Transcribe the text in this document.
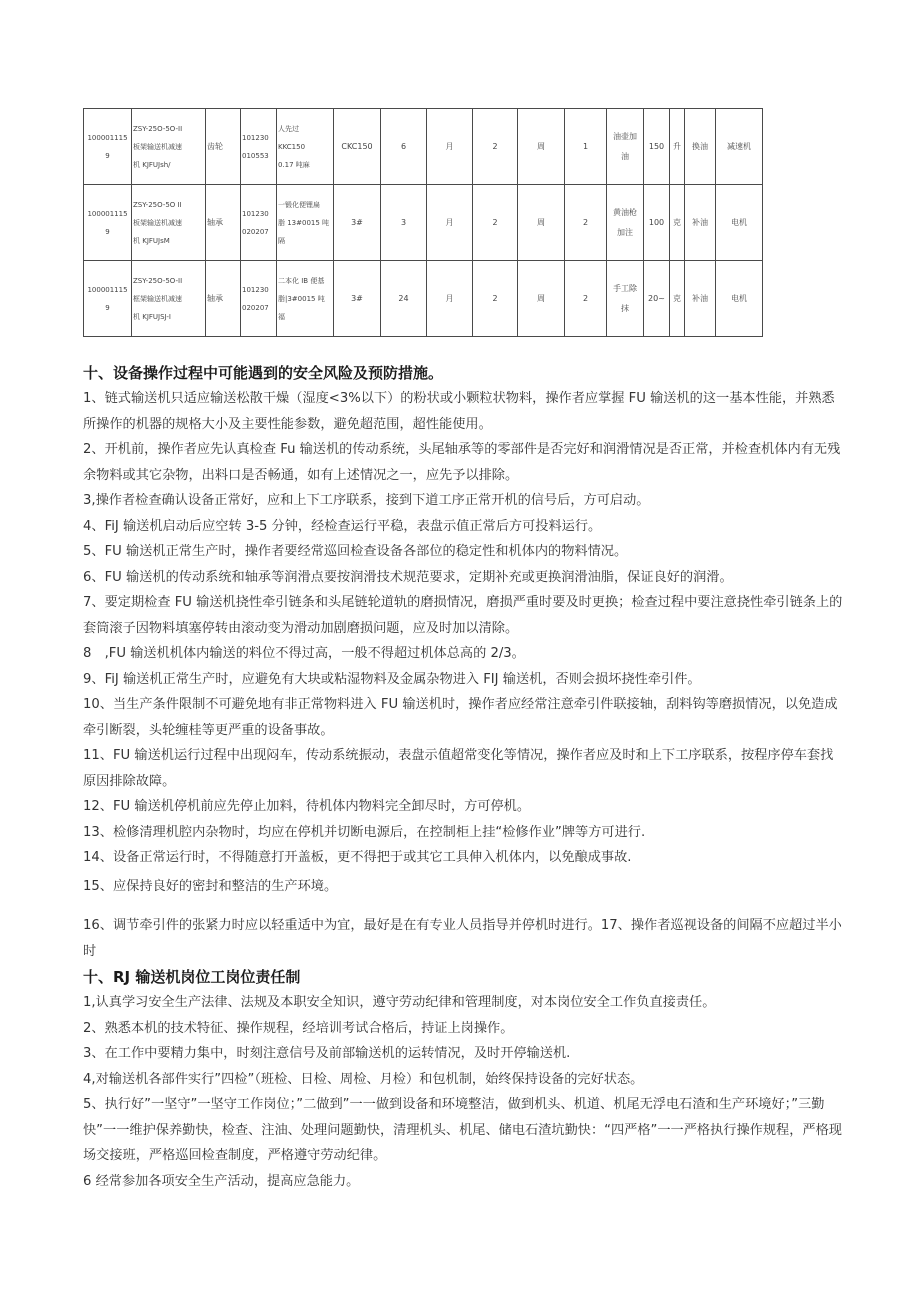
100001115
9	ZSY-25O-5O-II
板架输送机减速
机 KJFUJsh/	齿轮	101230
010553	人先过
KKC150
0.17 吨麻	CKC150	6	月	2	周	1	油壶加
油	150	升	换油	减速机

100001115
9	ZSY-25O-5O II
板架输送机减速
机 KJFUJsM	轴承	101230
020207	一锻化便锂扁
脂 13#0015 吨
隔	3#	3	月	2	周	2	黄油枪
加注	100	克	补油	电机

100001115
9	ZSY-25O-5O-II
框架输送机减速
机 KJFUJSJ-I	轴承	101230
020207	二本化 IB 便基
脂|3#0015 吨
福	3#	24	月	2	周	2	手工除
抹	20~	克	补油	电机
十、设备操作过程中可能遇到的安全风险及预防措施。

1、链式输送机只适应输送松散干燥（湿度<3%以下）的粉状或小颗粒状物料，操作者应掌握 FU 输送机的这一基本性能，并熟悉所操作的机器的规格大小及主要性能参数，避免超范围，超性能使用。

2、开机前，操作者应先认真检查 Fu 输送机的传动系统，头尾轴承等的零部件是否完好和润滑情况是否正常，并检查机体内有无残余物料或其它杂物，出料口是否畅通，如有上述情况之一，应先予以排除。

3,操作者检查确认设备正常好，应和上下工序联系，接到下道工序正常开机的信号后，方可启动。

4、FiJ 输送机启动后应空转 3-5 分钟，经检查运行平稳，表盘示值正常后方可投料运行。

5、FU 输送机正常生产时，操作者要经常巡回检查设备各部位的稳定性和机体内的物料情况。

6、FU 输送机的传动系统和轴承等润滑点要按润滑技术规范要求，定期补充或更换润滑油脂，保证良好的润滑。

7、要定期检查 FU 输送机挠性牵引链条和头尾链轮道轨的磨损情况，磨损严重时要及时更换；检查过程中要注意挠性牵引链条上的套筒滚子因物料填塞停转由滚动变为滑动加剧磨损问题，应及时加以清除。

8　,FU 输送机机体内输送的料位不得过高，一般不得超过机体总高的 2/3。

9、FiJ 输送机正常生产时，应避免有大块或粘湿物料及金属杂物进入 FIJ 输送机，否则会损坏挠性牵引件。

10、当生产条件限制不可避免地有非正常物料进入 FU 输送机时，操作者应经常注意牵引件联接轴，刮料钩等磨损情况，以免造成牵引断裂，头轮缠桂等更严重的设备事故。

11、FU 输送机运行过程中出现闷车，传动系统振动，表盘示值超常变化等情况，操作者应及时和上下工序联系，按程序停车套找原因排除故障。

12、FU 输送机停机前应先停止加料，待机体内物料完全卸尽时，方可停机。

13、检修清理机腔内杂物时，均应在停机并切断电源后，在控制柜上挂“检修作业”牌等方可进行.

14、设备正常运行时，不得随意打开盖板，更不得把于或其它工具伸入机体内，以免酿成事故.

15、应保持良好的密封和整洁的生产环境。

16、调节牵引件的张紧力时应以轻重适中为宜，最好是在有专业人员指导并停机时进行。17、操作者巡视设备的间隔不应超过半小时

十、RJ 输送机岗位工岗位责任制

1,认真学习安全生产法律、法规及本职安全知识，遵守劳动纪律和管理制度，对本岗位安全工作负直接责任。

2、熟悉本机的技术特征、操作规程，经培训考试合格后，持证上岗操作。

3、在工作中要精力集中，时刻注意信号及前部输送机的运转情况，及时开停输送机.

4,对输送机各部件实行”四检”（班检、日检、周检、月检）和包机制，始终保持设备的完好状态。

5、执行好”一坚守”一坚守工作岗位；”二做到”一一做到设备和环境整洁，做到机头、机道、机尾无浮电石渣和生产环境好；”三勤快”一一维护保养勤快，检查、注油、处理问题勤快，清理机头、机尾、储电石渣坑勤快：“四严格”一一严格执行操作规程，严格现场交接班，严格巡回检查制度，严格遵守劳动纪律。

6 经常参加各项安全生产活动，提高应急能力。
